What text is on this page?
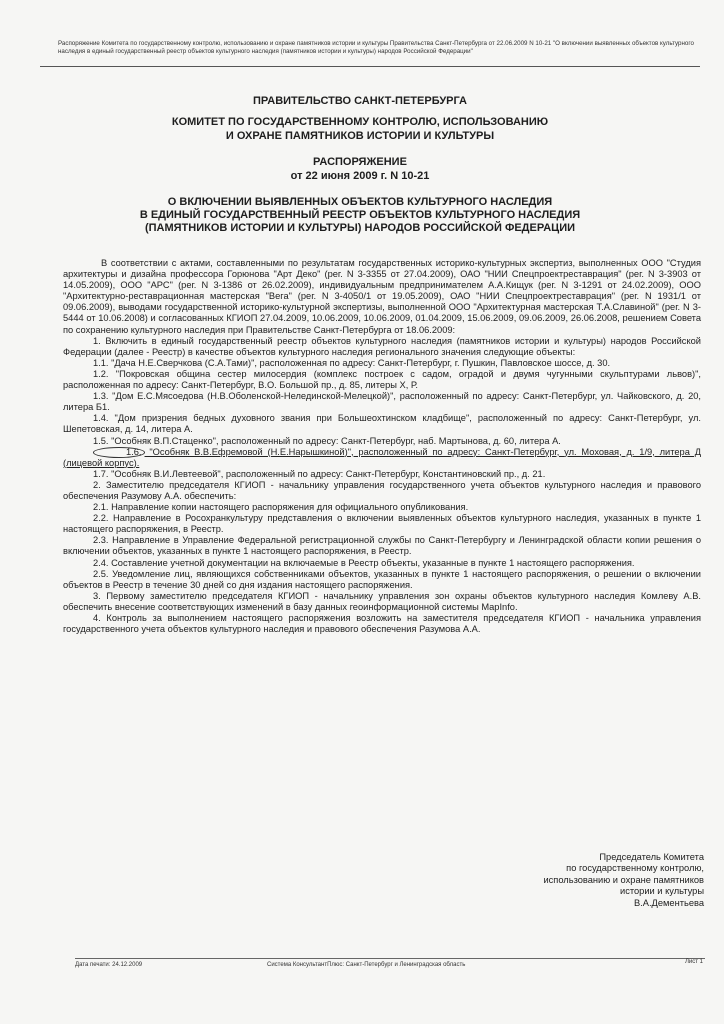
Распоряжение Комитета по государственному контролю, использованию и охране памятников истории и культуры Правительства Санкт-Петербурга от 22.06.2009 N 10-21 "О включении выявленных объектов культурного наследия в единый государственный реестр объектов культурного наследия (памятников истории и культуры) народов Российской Федерации"
ПРАВИТЕЛЬСТВО САНКТ-ПЕТЕРБУРГА
КОМИТЕТ ПО ГОСУДАРСТВЕННОМУ КОНТРОЛЮ, ИСПОЛЬЗОВАНИЮ
И ОХРАНЕ ПАМЯТНИКОВ ИСТОРИИ И КУЛЬТУРЫ
РАСПОРЯЖЕНИЕ
от 22 июня 2009 г. N 10-21
О ВКЛЮЧЕНИИ ВЫЯВЛЕННЫХ ОБЪЕКТОВ КУЛЬТУРНОГО НАСЛЕДИЯ
В ЕДИНЫЙ ГОСУДАРСТВЕННЫЙ РЕЕСТР ОБЪЕКТОВ КУЛЬТУРНОГО НАСЛЕДИЯ
(ПАМЯТНИКОВ ИСТОРИИ И КУЛЬТУРЫ) НАРОДОВ РОССИЙСКОЙ ФЕДЕРАЦИИ

В соответствии с актами, составленными по результатам государственных историко-культурных экспертиз, выполненных ООО "Студия архитектуры и дизайна профессора Горюнова "Арт Деко" (рег. N 3-3355 от 27.04.2009), ОАО "НИИ Спецпроектреставрация" (рег. N 3-3903 от 14.05.2009), ООО "АРС" (рег. N 3-1386 от 26.02.2009), индивидуальным предпринимателем А.А.Кищук (рег. N 3-1291 от 24.02.2009), ООО "Архитектурно-реставрационная мастерская "Вега" (рег. N 3-4050/1 от 19.05.2009), ОАО "НИИ Спецпроектреставрация" (рег. N 1931/1 от 09.06.2009), выводами государственной историко-культурной экспертизы, выполненной ООО "Архитектурная мастерская Т.А.Славиной" (рег. N 3-5444 от 10.06.2008) и согласованных КГИОП 27.04.2009, 10.06.2009, 10.06.2009, 01.04.2009, 15.06.2009, 09.06.2009, 26.06.2008, решением Совета по сохранению культурного наследия при Правительстве Санкт-Петербурга от 18.06.2009:

1. Включить в единый государственный реестр объектов культурного наследия (памятников истории и культуры) народов Российской Федерации (далее - Реестр) в качестве объектов культурного наследия регионального значения следующие объекты:

1.1. "Дача Н.Е.Сверчкова (С.А.Тами)", расположенная по адресу: Санкт-Петербург, г. Пушкин, Павловское шоссе, д. 30.

1.2. "Покровская община сестер милосердия (комплекс построек с садом, оградой и двумя чугунными скульптурами львов)", расположенная по адресу: Санкт-Петербург, В.О. Большой пр., д. 85, литеры Х, Р.

1.3. "Дом Е.С.Мясоедова (Н.В.Оболенской-Нелединской-Мелецкой)", расположенный по адресу: Санкт-Петербург, ул. Чайковского, д. 20, литера Б1.

1.4. "Дом призрения бедных духовного звания при Большеохтинском кладбище", расположенный по адресу: Санкт-Петербург, ул. Шепетовская, д. 14, литера А.

1.5. "Особняк В.П.Стаценко", расположенный по адресу: Санкт-Петербург, наб. Мартынова, д. 60, литера А.

1.6. "Особняк В.В.Ефремовой (Н.Е.Нарышкиной)", расположенный по адресу: Санкт-Петербург, ул. Моховая, д. 1/9, литера Д (лицевой корпус).

1.7. "Особняк В.И.Левтеевой", расположенный по адресу: Санкт-Петербург, Константиновский пр., д. 21.

2. Заместителю председателя КГИОП - начальнику управления государственного учета объектов культурного наследия и правового обеспечения Разумову А.А. обеспечить:

2.1. Направление копии настоящего распоряжения для официального опубликования.

2.2. Направление в Росохранкультуру представления о включении выявленных объектов культурного наследия, указанных в пункте 1 настоящего распоряжения, в Реестр.

2.3. Направление в Управление Федеральной регистрационной службы по Санкт-Петербургу и Ленинградской области копии решения о включении объектов, указанных в пункте 1 настоящего распоряжения, в Реестр.

2.4. Составление учетной документации на включаемые в Реестр объекты, указанные в пункте 1 настоящего распоряжения.

2.5. Уведомление лиц, являющихся собственниками объектов, указанных в пункте 1 настоящего распоряжения, о решении о включении объектов в Реестр в течение 30 дней со дня издания настоящего распоряжения.

3. Первому заместителю председателя КГИОП - начальнику управления зон охраны объектов культурного наследия Комлеву А.В. обеспечить внесение соответствующих изменений в базу данных геоинформационной системы MapInfo.

4. Контроль за выполнением настоящего распоряжения возложить на заместителя председателя КГИОП - начальника управления государственного учета объектов культурного наследия и правового обеспечения Разумова А.А.

Председатель Комитета
по государственному контролю,
использованию и охране памятников
истории и культуры
В.А.Дементьева
Дата печати: 24.12.2009	Система КонсультантПлюс: Санкт-Петербург и Ленинградская область	Лист 1
